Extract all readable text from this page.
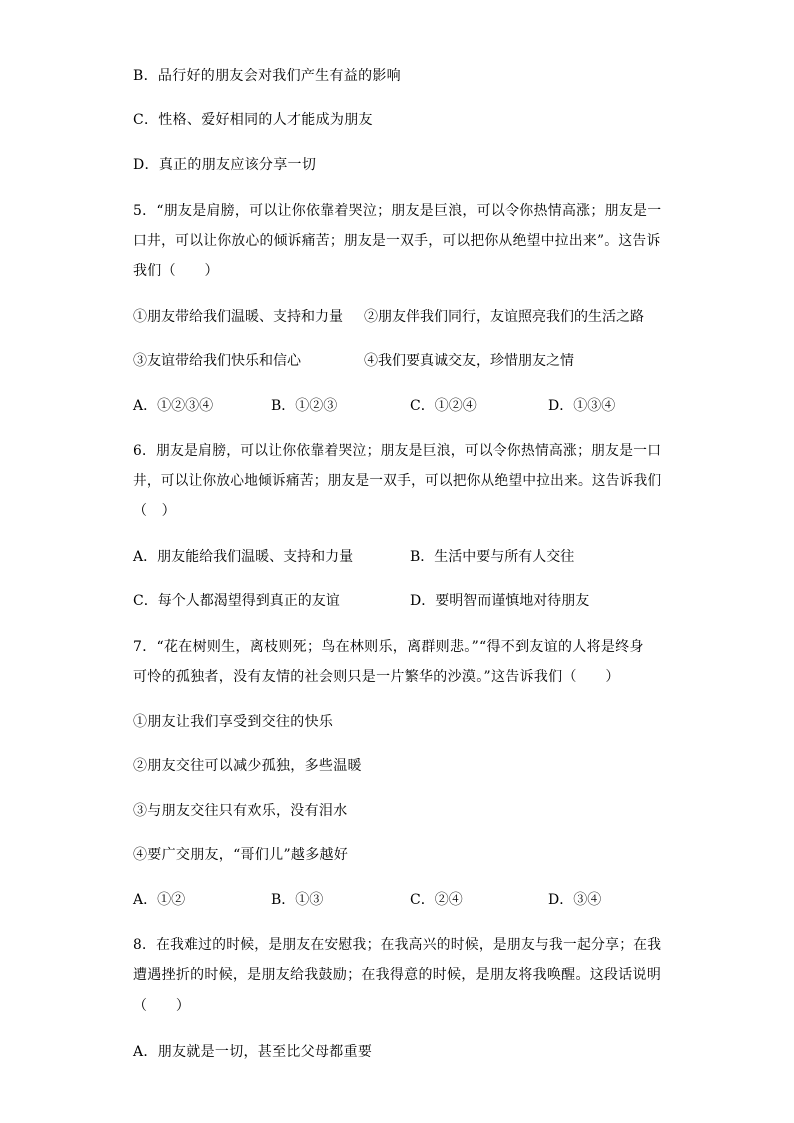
B．品行好的朋友会对我们产生有益的影响
C．性格、爱好相同的人才能成为朋友
D．真正的朋友应该分享一切
5．“朋友是肩膀，可以让你依靠着哭泣；朋友是巨浪，可以令你热情高涨；朋友是一
口井，可以让你放心的倾诉痛苦；朋友是一双手，可以把你从绝望中拉出来”。这告诉
我们（　　）
①朋友带给我们温暖、支持和力量 ②朋友伴我们同行，友谊照亮我们的生活之路
③友谊带给我们快乐和信心	④我们要真诚交友，珍惜朋友之情
A．①②③④	B．①②③	C．①②④	D．①③④
6．朋友是肩膀，可以让你依靠着哭泣；朋友是巨浪，可以令你热情高涨；朋友是一口
井，可以让你放心地倾诉痛苦；朋友是一双手，可以把你从绝望中拉出来。这告诉我们
（　）
A．朋友能给我们温暖、支持和力量	B．生活中要与所有人交往
C．每个人都渴望得到真正的友谊	D．要明智而谨慎地对待朋友
7．“花在树则生，离枝则死；鸟在林则乐，离群则悲。”“得不到友谊的人将是终身
可怜的孤独者，没有友情的社会则只是一片繁华的沙漠。”这告诉我们（　　）
①朋友让我们享受到交往的快乐
②朋友交往可以减少孤独，多些温暖
③与朋友交往只有欢乐，没有泪水
④要广交朋友，“哥们儿”越多越好
A．①②	B．①③	C．②④	D．③④
8．在我难过的时候，是朋友在安慰我；在我高兴的时候，是朋友与我一起分享；在我
遭遇挫折的时候，是朋友给我鼓励；在我得意的时候，是朋友将我唤醒。这段话说明
（　　）
A．朋友就是一切，甚至比父母都重要
